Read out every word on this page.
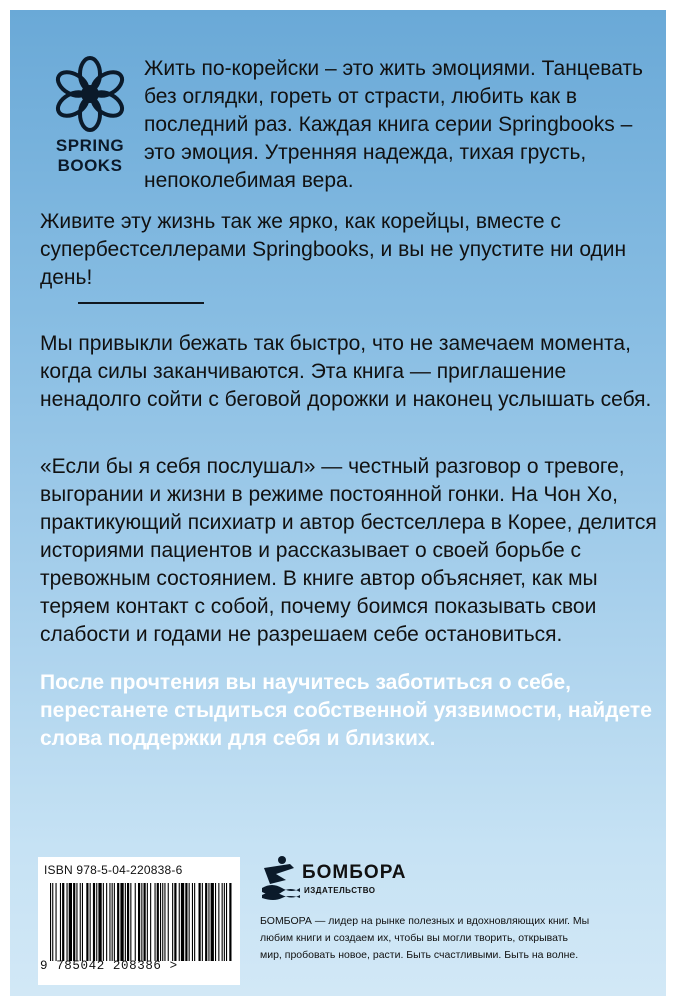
SPRING
BOOKS

Жить по-корейски – это жить эмоциями. Танцевать без оглядки, гореть от страсти, любить как в последний раз. Каждая книга серии Springbooks – это эмоция. Утренняя надежда, тихая грусть, непоколебимая вера.

Живите эту жизнь так же ярко, как корейцы, вместе с супербестселлерами Springbooks, и вы не упустите ни один день!

Мы привыкли бежать так быстро, что не замечаем момента, когда силы заканчиваются. Эта книга — приглашение ненадолго сойти с беговой дорожки и наконец услышать себя.

«Если бы я себя послушал» — честный разговор о тревоге, выгорании и жизни в режиме постоянной гонки. На Чон Хо, практикующий психиатр и автор бестселлера в Корее, делится историями пациентов и рассказывает о своей борьбе с тревожным состоянием. В книге автор объясняет, как мы теряем контакт с собой, почему боимся показывать свои слабости и годами не разрешаем себе остановиться.

После прочтения вы научитесь заботиться о себе, перестанете стыдиться собственной уязвимости, найдете слова поддержки для себя и близких.

ISBN 978-5-04-220838-6
9 785042 208386 >
БОМБОРА
ИЗДАТЕЛЬСТВО

БОМБОРА — лидер на рынке полезных и вдохновляющих книг. Мы любим книги и создаем их, чтобы вы могли творить, открывать мир, пробовать новое, расти. Быть счастливыми. Быть на волне.
